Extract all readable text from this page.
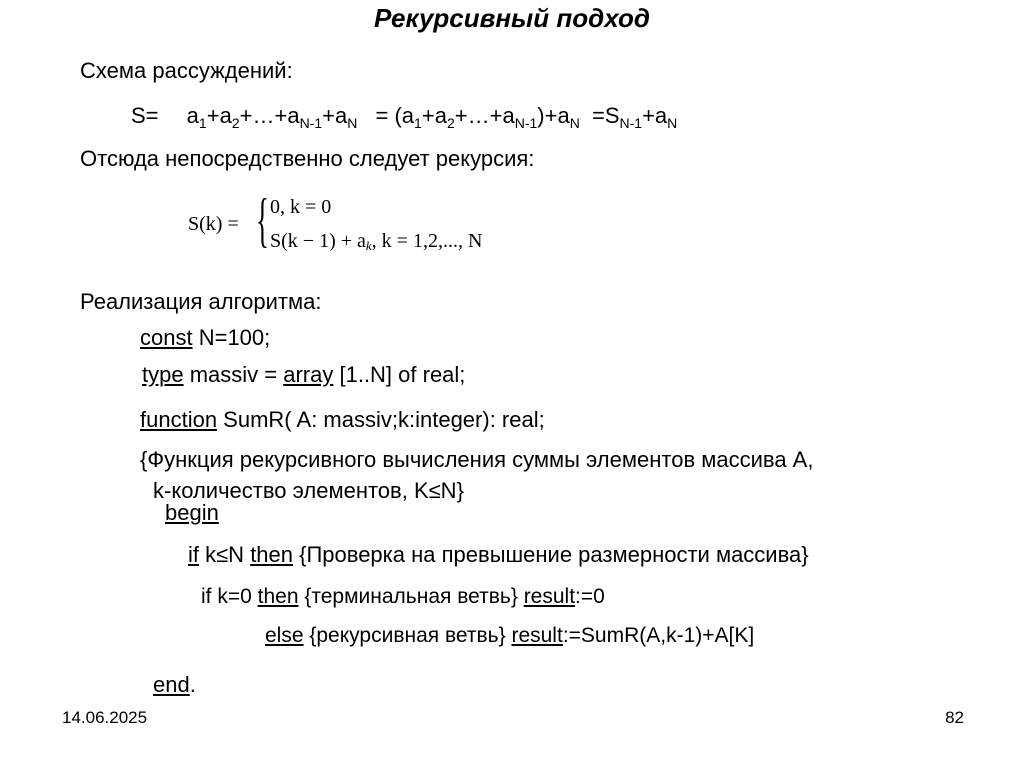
Рекурсивный подход
Схема рассуждений:
$S= a_1+a_2+\dots+a_{N-1}+a_N$ = $(a_1+a_2+\dots+a_{N-1})+a_N =S_{N-1}+a_N$
Отсюда непосредственно следует рекурсия:
S(k) = { 0, k = 0
S(k − 1) + ak, k = 1,2,..., N
Реализация алгоритма:
const N=100;
type massiv = array [1..N] of real;
function SumR( A: massiv;k:integer): real;
{Функция рекурсивного вычисления суммы элементов массива A,
k-количество элементов, K≤N}
begin
if k≤N then {Проверка на превышение размерности массива}
if k=0 then {терминальная ветвь} result:=0
else {рекурсивная ветвь} result:=SumR(A,k-1)+A[K]
end.
14.06.2025	82
